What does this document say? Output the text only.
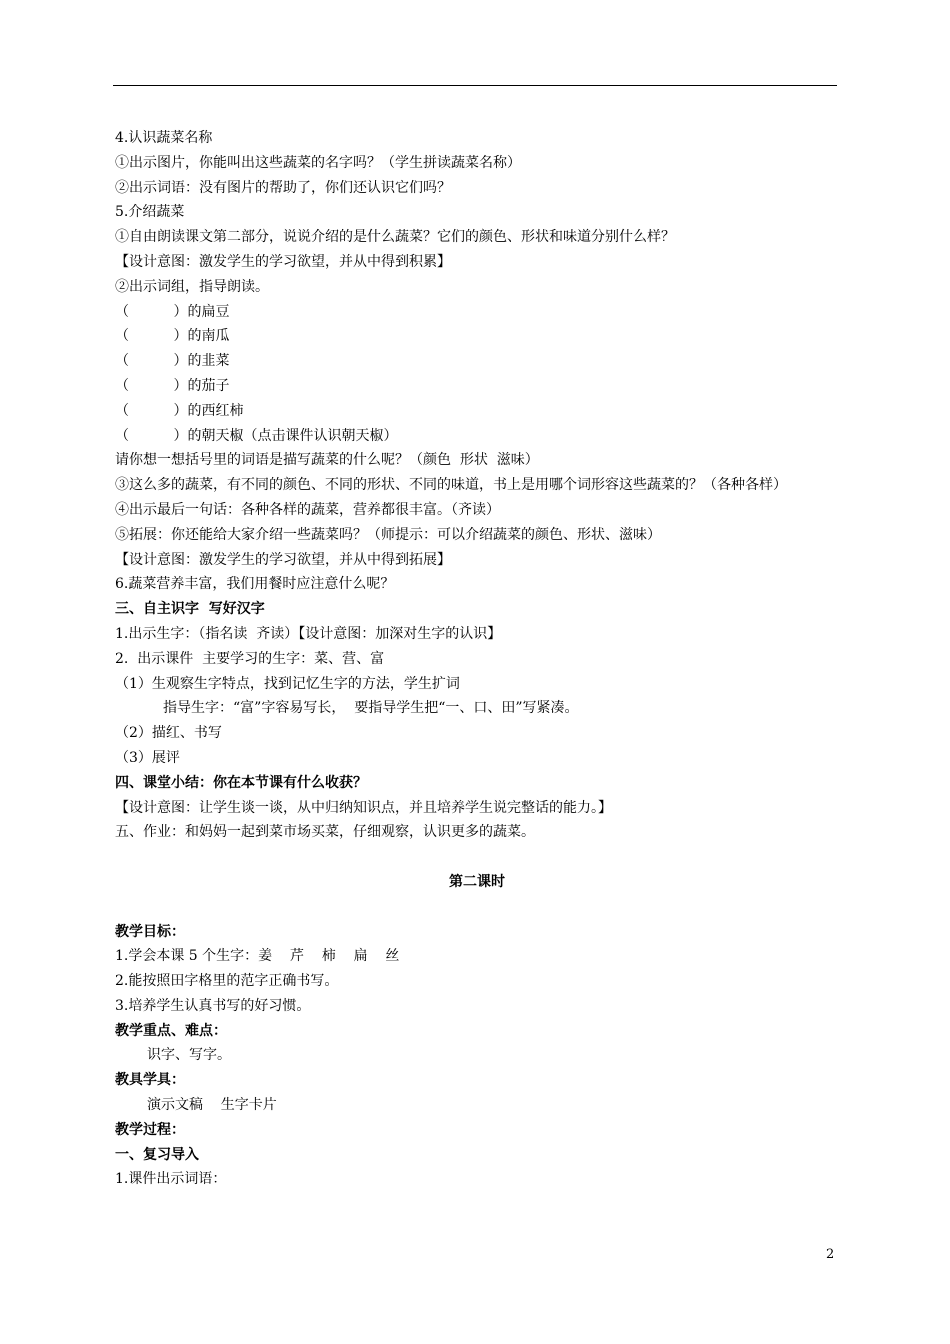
4.认识蔬菜名称
①出示图片，你能叫出这些蔬菜的名字吗？（学生拼读蔬菜名称）
②出示词语：没有图片的帮助了，你们还认识它们吗？
5.介绍蔬菜
①自由朗读课文第二部分，说说介绍的是什么蔬菜？它们的颜色、形状和味道分别什么样？
【设计意图：激发学生的学习欲望，并从中得到积累】
②出示词组，指导朗读。
（          ）的扁豆
（          ）的南瓜
（          ）的韭菜
（          ）的茄子
（          ）的西红柿
（          ）的朝天椒（点击课件认识朝天椒）
请你想一想括号里的词语是描写蔬菜的什么呢？（颜色  形状  滋味）
③这么多的蔬菜，有不同的颜色、不同的形状、不同的味道，书上是用哪个词形容这些蔬菜的？（各种各样）
④出示最后一句话：各种各样的蔬菜，营养都很丰富。（齐读）
⑤拓展：你还能给大家介绍一些蔬菜吗？（师提示：可以介绍蔬菜的颜色、形状、滋味）
【设计意图：激发学生的学习欲望，并从中得到拓展】
6.蔬菜营养丰富，我们用餐时应注意什么呢？
三、自主识字  写好汉字
1.出示生字：（指名读  齐读）【设计意图：加深对生字的认识】
2.  出示课件  主要学习的生字：菜、营、富
（1）生观察生字特点，找到记忆生字的方法，学生扩词
指导生字：“富”字容易写长，  要指导学生把“一、口、田”写紧凑。
（2）描红、书写
（3）展评
四、课堂小结：你在本节课有什么收获？
【设计意图：让学生谈一谈，从中归纳知识点，并且培养学生说完整话的能力。】
五、作业：和妈妈一起到菜市场买菜，仔细观察，认识更多的蔬菜。
第二课时
教学目标：
1.学会本课 5 个生字：姜    芹    柿    扁    丝
2.能按照田字格里的范字正确书写。
3.培养学生认真书写的好习惯。
教学重点、难点：
识字、写字。
教具学具：
演示文稿    生字卡片
教学过程：
一、复习导入
1.课件出示词语：
2
